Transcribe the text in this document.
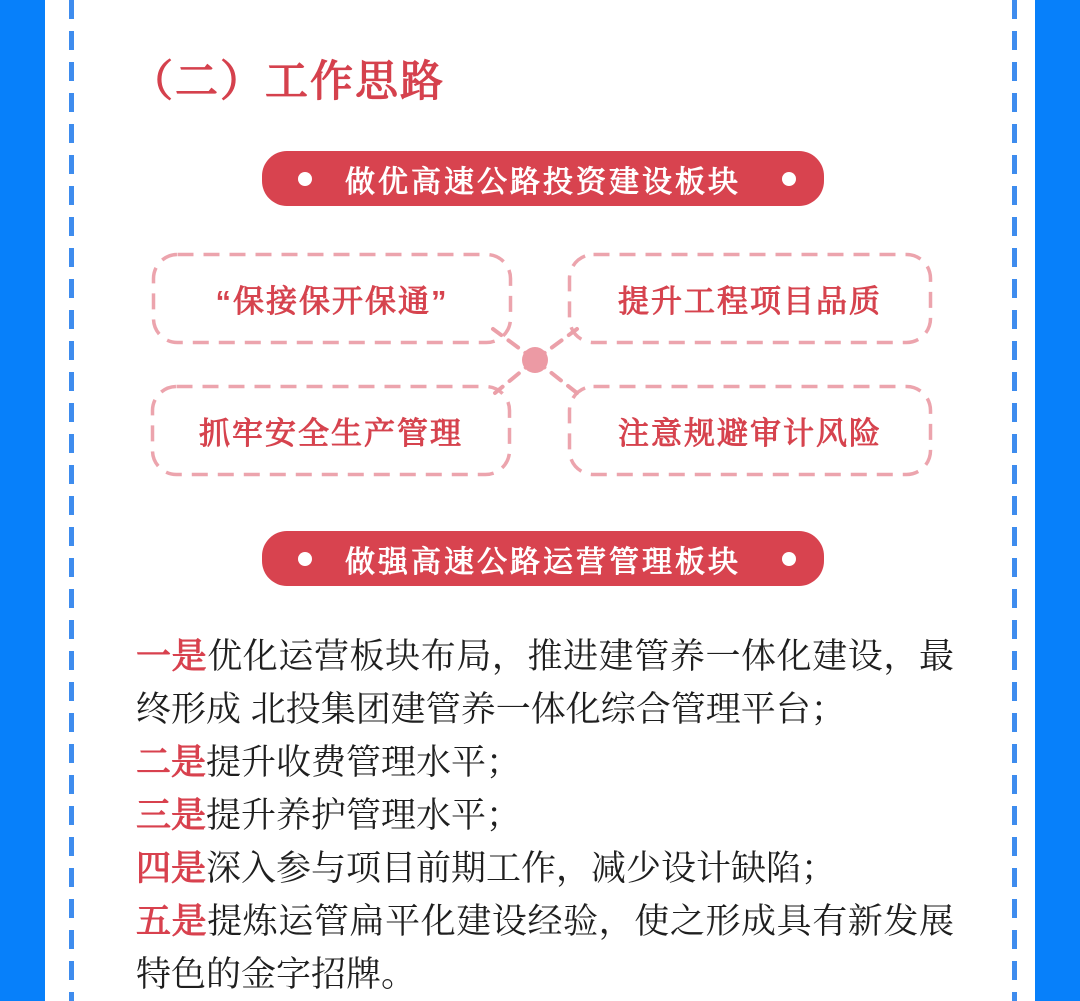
（二）工作思路
做优高速公路投资建设板块
“保接保开保通”	提升工程项目品质
抓牢安全生产管理	注意规避审计风险
做强高速公路运营管理板块

一是优化运营板块布局，推进建管养一体化建设，最终形成 北投集团建管养一体化综合管理平台；

二是提升收费管理水平；

三是提升养护管理水平；

四是深入参与项目前期工作，减少设计缺陷；

五是提炼运管扁平化建设经验，使之形成具有新发展特色的金字招牌。
